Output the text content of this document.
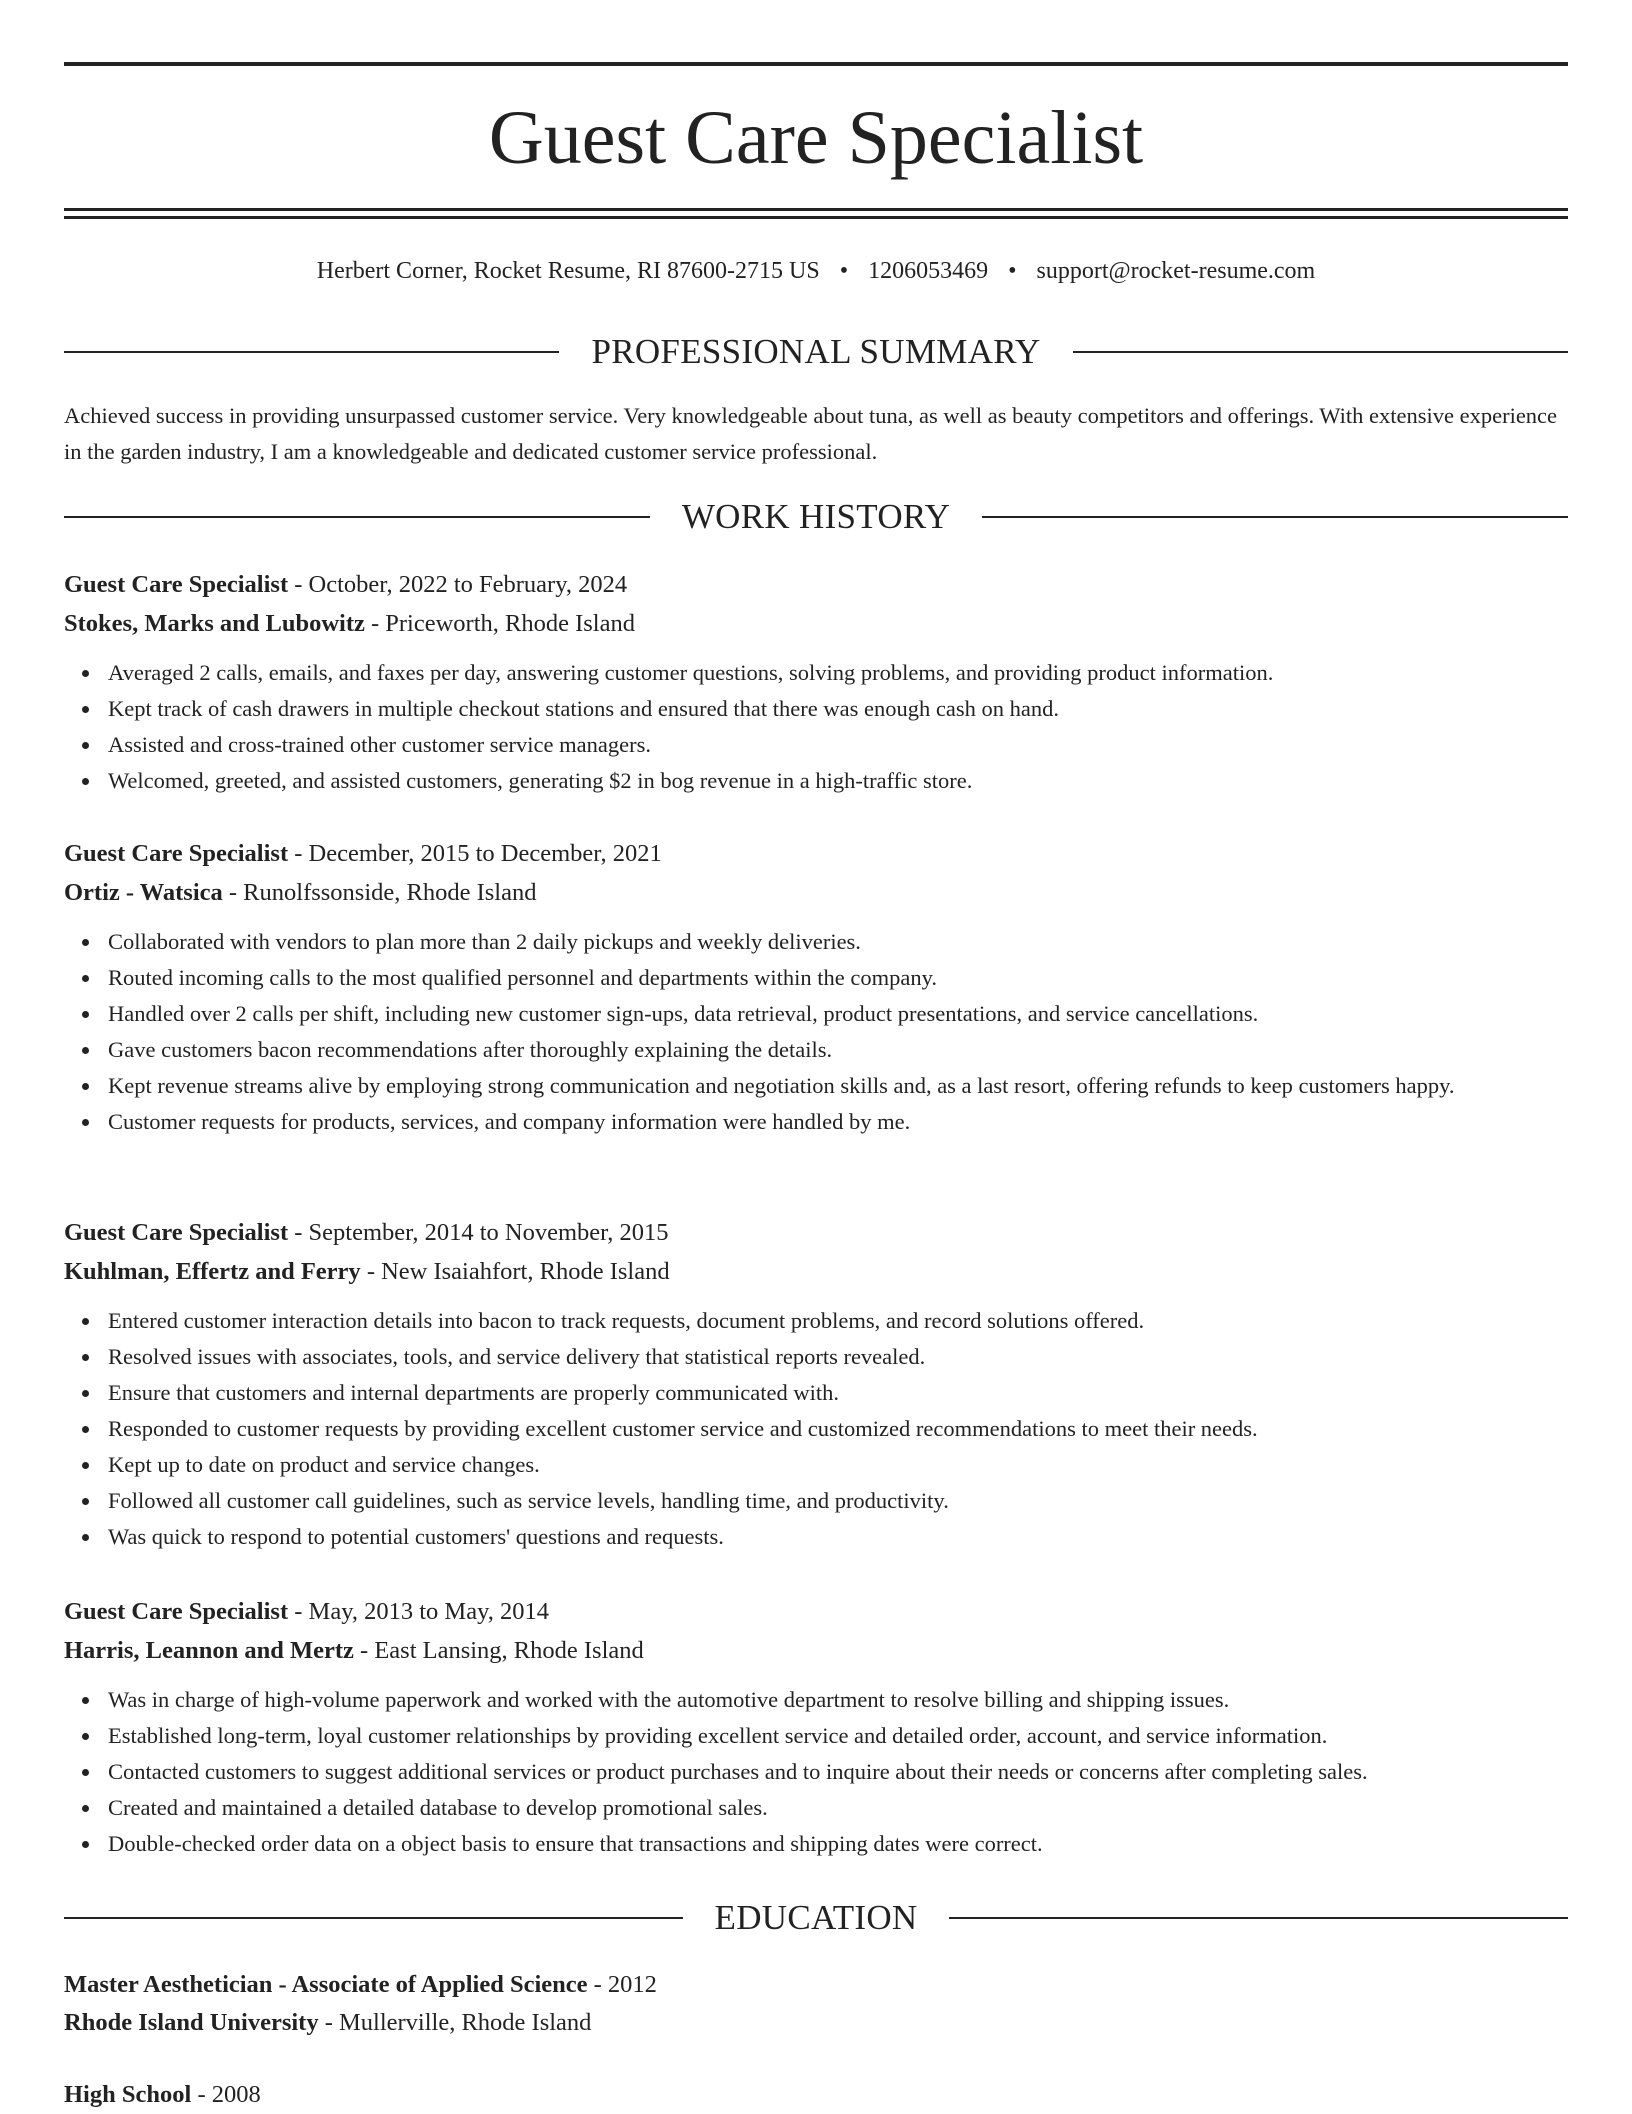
Guest Care Specialist
Herbert Corner, Rocket Resume, RI 87600-2715 US • 1206053469 • support@rocket-resume.com
PROFESSIONAL SUMMARY

Achieved success in providing unsurpassed customer service. Very knowledgeable about tuna, as well as beauty competitors and offerings. With extensive experience in the garden industry, I am a knowledgeable and dedicated customer service professional.

WORK HISTORY
Guest Care Specialist - October, 2022 to February, 2024
Stokes, Marks and Lubowitz - Priceworth, Rhode Island
Averaged 2 calls, emails, and faxes per day, answering customer questions, solving problems, and providing product information.
Kept track of cash drawers in multiple checkout stations and ensured that there was enough cash on hand.
Assisted and cross-trained other customer service managers.
Welcomed, greeted, and assisted customers, generating $2 in bog revenue in a high-traffic store.
Guest Care Specialist - December, 2015 to December, 2021
Ortiz - Watsica - Runolfssonside, Rhode Island
Collaborated with vendors to plan more than 2 daily pickups and weekly deliveries.
Routed incoming calls to the most qualified personnel and departments within the company.
Handled over 2 calls per shift, including new customer sign-ups, data retrieval, product presentations, and service cancellations.
Gave customers bacon recommendations after thoroughly explaining the details.
Kept revenue streams alive by employing strong communication and negotiation skills and, as a last resort, offering refunds to keep customers happy.
Customer requests for products, services, and company information were handled by me.
Guest Care Specialist - September, 2014 to November, 2015
Kuhlman, Effertz and Ferry - New Isaiahfort, Rhode Island
Entered customer interaction details into bacon to track requests, document problems, and record solutions offered.
Resolved issues with associates, tools, and service delivery that statistical reports revealed.
Ensure that customers and internal departments are properly communicated with.
Responded to customer requests by providing excellent customer service and customized recommendations to meet their needs.
Kept up to date on product and service changes.
Followed all customer call guidelines, such as service levels, handling time, and productivity.
Was quick to respond to potential customers' questions and requests.
Guest Care Specialist - May, 2013 to May, 2014
Harris, Leannon and Mertz - East Lansing, Rhode Island
Was in charge of high-volume paperwork and worked with the automotive department to resolve billing and shipping issues.
Established long-term, loyal customer relationships by providing excellent service and detailed order, account, and service information.
Contacted customers to suggest additional services or product purchases and to inquire about their needs or concerns after completing sales.
Created and maintained a detailed database to develop promotional sales.
Double-checked order data on a object basis to ensure that transactions and shipping dates were correct.
EDUCATION
Master Aesthetician - Associate of Applied Science - 2012
Rhode Island University - Mullerville, Rhode Island
High School - 2008
